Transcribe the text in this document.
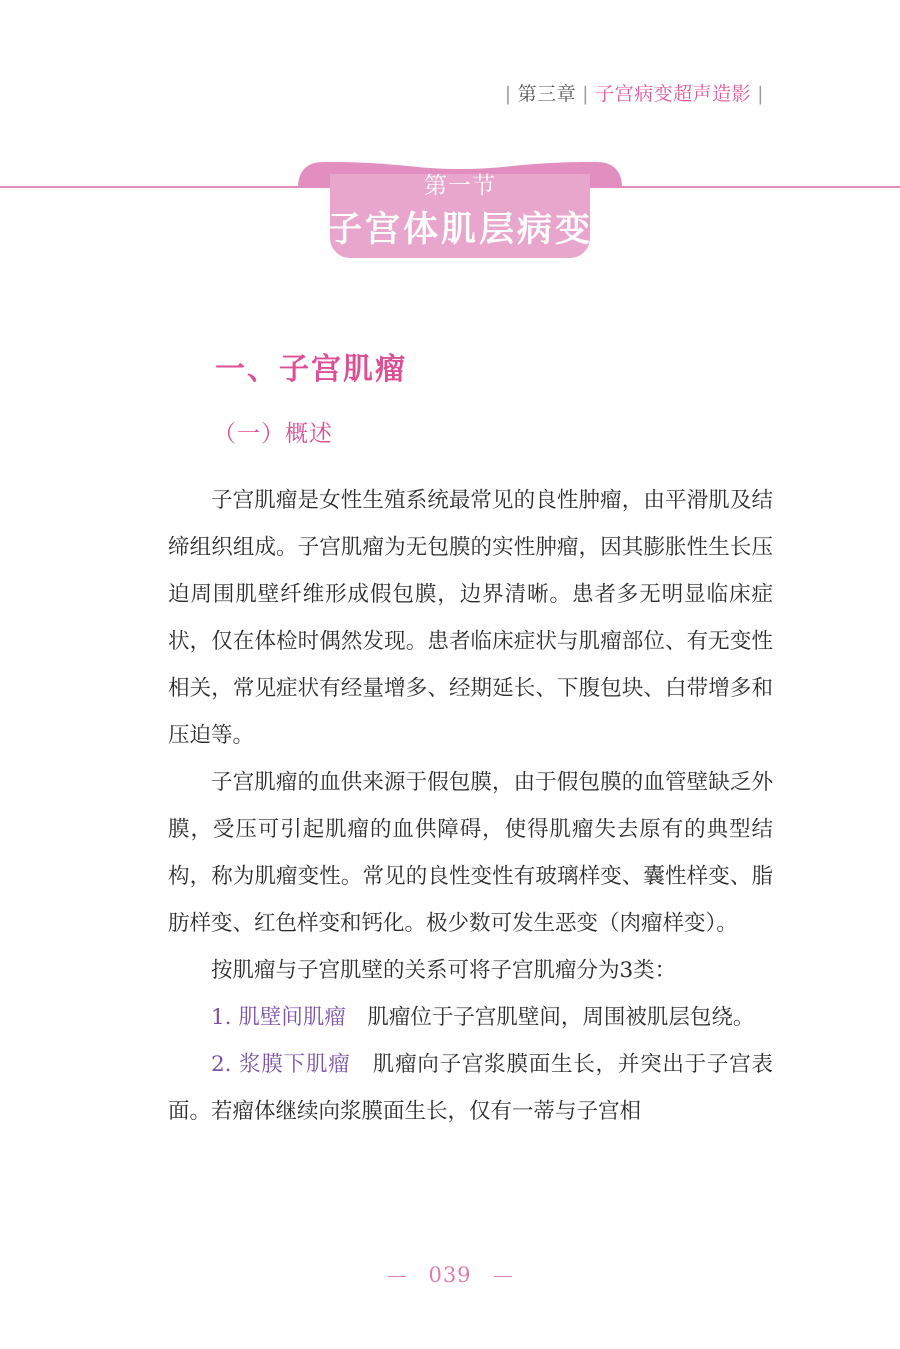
| 第三章 | 子宫病变超声造影 |
第一节
子宫体肌层病变
一、子宫肌瘤
（一）概述

子宫肌瘤是女性生殖系统最常见的良性肿瘤，由平滑肌及结缔组织组成。子宫肌瘤为无包膜的实性肿瘤，因其膨胀性生长压迫周围肌壁纤维形成假包膜，边界清晰。患者多无明显临床症状，仅在体检时偶然发现。患者临床症状与肌瘤部位、有无变性相关，常见症状有经量增多、经期延长、下腹包块、白带增多和压迫等。

子宫肌瘤的血供来源于假包膜，由于假包膜的血管壁缺乏外膜，受压可引起肌瘤的血供障碍，使得肌瘤失去原有的典型结构，称为肌瘤变性。常见的良性变性有玻璃样变、囊性样变、脂肪样变、红色样变和钙化。极少数可发生恶变（肉瘤样变）。

按肌瘤与子宫肌壁的关系可将子宫肌瘤分为3类：

1. 肌壁间肌瘤　 肌瘤位于子宫肌壁间，周围被肌层包绕。

2. 浆膜下肌瘤　 肌瘤向子宫浆膜面生长，并突出于子宫表面。若瘤体继续向浆膜面生长，仅有一蒂与子宫相

039
